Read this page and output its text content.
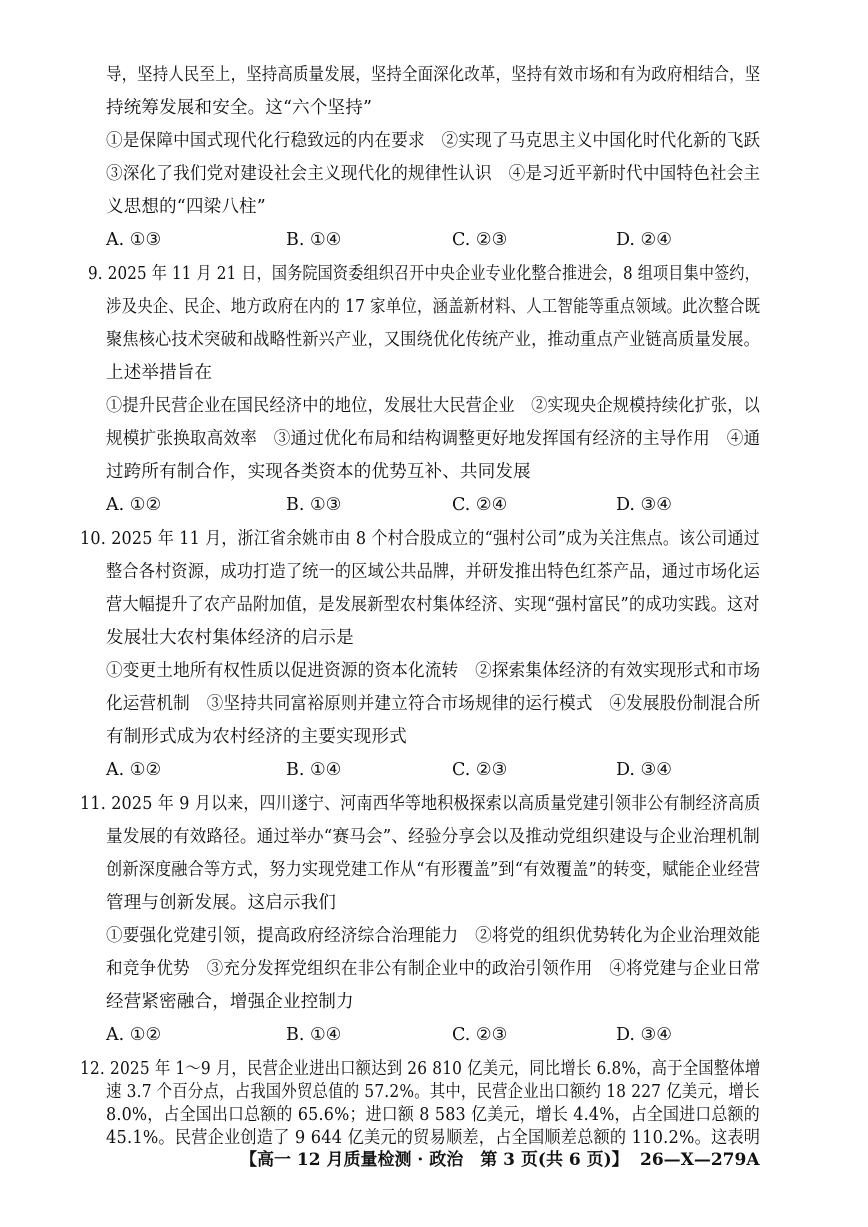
导，坚持人民至上，坚持高质量发展，坚持全面深化改革，坚持有效市场和有为政府相结合，坚
持统筹发展和安全。这“六个坚持”
①是保障中国式现代化行稳致远的内在要求　②实现了马克思主义中国化时代化新的飞跃
③深化了我们党对建设社会主义现代化的规律性认识　④是习近平新时代中国特色社会主
义思想的“四梁八柱”
A. ①③	B. ①④	C. ②③	D. ②④
9. 2025 年 11 月 21 日，国务院国资委组织召开中央企业专业化整合推进会，8 组项目集中签约，
涉及央企、民企、地方政府在内的 17 家单位，涵盖新材料、人工智能等重点领域。此次整合既
聚焦核心技术突破和战略性新兴产业，又围绕优化传统产业，推动重点产业链高质量发展。
上述举措旨在
①提升民营企业在国民经济中的地位，发展壮大民营企业　②实现央企规模持续化扩张，以
规模扩张换取高效率　③通过优化布局和结构调整更好地发挥国有经济的主导作用　④通
过跨所有制合作，实现各类资本的优势互补、共同发展
A. ①②	B. ①③	C. ②④	D. ③④
10. 2025 年 11 月，浙江省余姚市由 8 个村合股成立的“强村公司”成为关注焦点。该公司通过
整合各村资源，成功打造了统一的区域公共品牌，并研发推出特色红茶产品，通过市场化运
营大幅提升了农产品附加值，是发展新型农村集体经济、实现“强村富民”的成功实践。这对
发展壮大农村集体经济的启示是
①变更土地所有权性质以促进资源的资本化流转　②探索集体经济的有效实现形式和市场
化运营机制　③坚持共同富裕原则并建立符合市场规律的运行模式　④发展股份制混合所
有制形式成为农村经济的主要实现形式
A. ①②	B. ①④	C. ②③	D. ③④
11. 2025 年 9 月以来，四川遂宁、河南西华等地积极探索以高质量党建引领非公有制经济高质
量发展的有效路径。通过举办“赛马会”、经验分享会以及推动党组织建设与企业治理机制
创新深度融合等方式，努力实现党建工作从“有形覆盖”到“有效覆盖”的转变，赋能企业经营
管理与创新发展。这启示我们
①要强化党建引领，提高政府经济综合治理能力　②将党的组织优势转化为企业治理效能
和竞争优势　③充分发挥党组织在非公有制企业中的政治引领作用　④将党建与企业日常
经营紧密融合，增强企业控制力
A. ①②	B. ①④	C. ②③	D. ③④
12. 2025 年 1～9 月，民营企业进出口额达到 26 810 亿美元，同比增长 6.8%，高于全国整体增
速 3.7 个百分点，占我国外贸总值的 57.2%。其中，民营企业出口额约 18 227 亿美元，增长
8.0%，占全国出口总额的 65.6%；进口额 8 583 亿美元，增长 4.4%，占全国进口总额的
45.1%。民营企业创造了 9 644 亿美元的贸易顺差，占全国顺差总额的 110.2%。这表明
【高一 12 月质量检测 · 政治　第 3 页(共 6 页)】 26—X—279A
